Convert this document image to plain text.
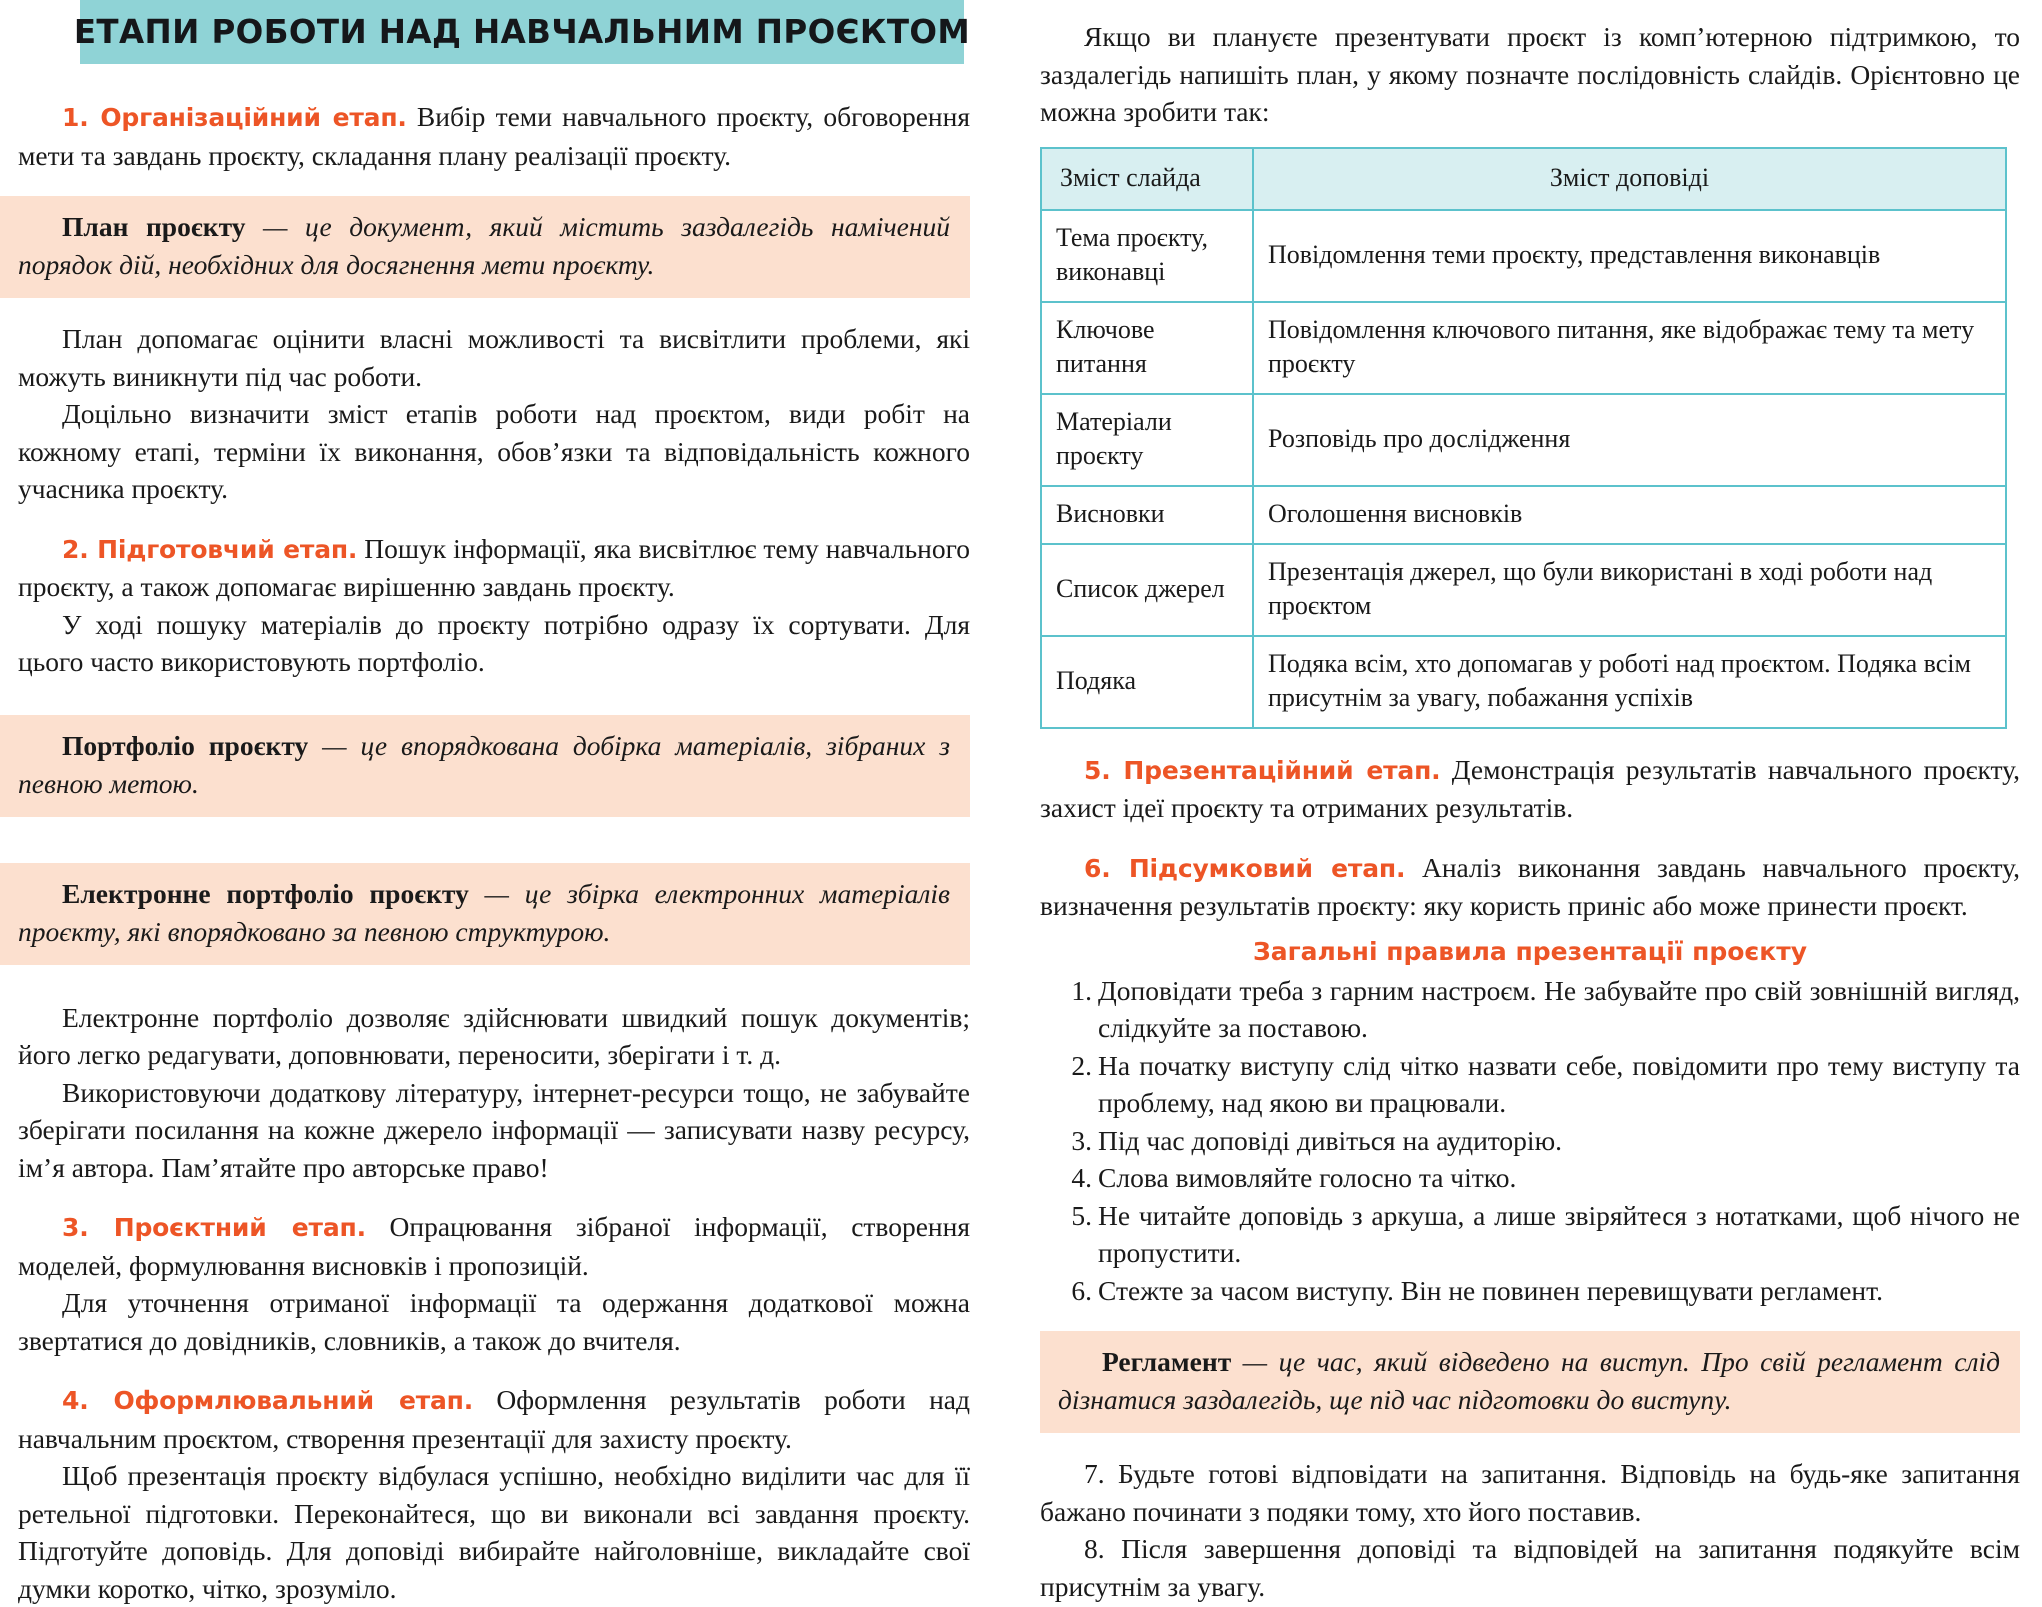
ЕТАПИ РОБОТИ НАД НАВЧАЛЬНИМ ПРОЄКТОМ

1. Організаційний етап. Вибір теми навчального проєкту, обговорення мети та завдань проєкту, складання плану реалізації проєкту.

План проєкту — це документ, який містить заздалегідь намічений порядок дій, необхідних для досягнення мети проєкту.

План допомагає оцінити власні можливості та висвітлити проблеми, які можуть виникнути під час роботи.

Доцільно визначити зміст етапів роботи над проєктом, види робіт на кожному етапі, терміни їх виконання, обов’язки та відповідальність кожного учасника проєкту.

2. Підготовчий етап. Пошук інформації, яка висвітлює тему навчального проєкту, а також допомагає вирішенню завдань проєкту.

У ході пошуку матеріалів до проєкту потрібно одразу їх сортувати. Для цього часто використовують портфоліо.

Портфоліо проєкту — це впорядкована добірка матеріалів, зібраних з певною метою.

Електронне портфоліо проєкту — це збірка електронних матеріалів проєкту, які впорядковано за певною структурою.

Електронне портфоліо дозволяє здійснювати швидкий пошук документів; його легко редагувати, доповнювати, переносити, зберігати і т. д.

Використовуючи додаткову літературу, інтернет-ресурси тощо, не забувайте зберігати посилання на кожне джерело інформації — записувати назву ресурсу, ім’я автора. Пам’ятайте про авторське право!

3. Проєктний етап. Опрацювання зібраної інформації, створення моделей, формулювання висновків і пропозицій.

Для уточнення отриманої інформації та одержання додаткової можна звертатися до довідників, словників, а також до вчителя.

4. Оформлювальний етап. Оформлення результатів роботи над навчальним проєктом, створення презентації для захисту проєкту.

Щоб презентація проєкту відбулася успішно, необхідно виділити час для її ретельної підготовки. Переконайтеся, що ви виконали всі завдання проєкту. Підготуйте доповідь. Для доповіді вибирайте найголовніше, викладайте свої думки коротко, чітко, зрозуміло.

Якщо ви плануєте презентувати проєкт із комп’ютерною підтримкою, то заздалегідь напишіть план, у якому позначте послідовність слайдів. Орієнтовно це можна зробити так:

Зміст слайда	Зміст доповіді
Тема проєкту, виконавці	Повідомлення теми проєкту, представлення виконавців
Ключове питання	Повідомлення ключового питання, яке відображає тему та мету проєкту
Матеріали проєкту	Розповідь про дослідження
Висновки	Оголошення висновків
Список джерел	Презентація джерел, що були використані в ході роботи над проєктом
Подяка	Подяка всім, хто допомагав у роботі над проєктом. Подяка всім присутнім за увагу, побажання успіхів

5. Презентаційний етап. Демонстрація результатів навчального проєкту, захист ідеї проєкту та отриманих результатів.

6. Підсумковий етап. Аналіз виконання завдань навчального проєкту, визначення результатів проєкту: яку користь приніс або може принести проєкт.

Загальні правила презентації проєкту

Доповідати треба з гарним настроєм. Не забувайте про свій зовнішній вигляд, слідкуйте за поставою.
На початку виступу слід чітко назвати себе, повідомити про тему виступу та проблему, над якою ви працювали.
Під час доповіді дивіться на аудиторію.
Слова вимовляйте голосно та чітко.
Не читайте доповідь з аркуша, а лише звіряйтеся з нотатками, щоб нічого не пропустити.
Стежте за часом виступу. Він не повинен перевищувати регламент.

Регламент — це час, який відведено на виступ. Про свій регламент слід дізнатися заздалегідь, ще під час підготовки до виступу.

7. Будьте готові відповідати на запитання. Відповідь на будь-яке запитання бажано починати з подяки тому, хто його поставив.

8. Після завершення доповіді та відповідей на запитання подякуйте всім присутнім за увагу.
